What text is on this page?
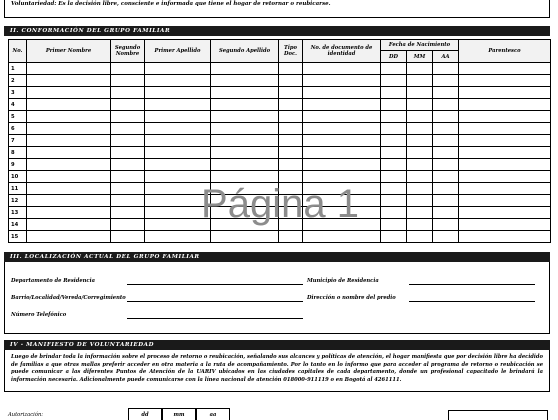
Voluntariedad: Es la decisión libre, consciente e informada que tiene el hogar de retornar o reubicarse.
II. CONFORMACIÓN DEL GRUPO FAMILIAR
No.	Primer Nombre	Segundo Nombre	Primer Apellido	Segundo Apellido	Tipo Doc.	No. de documento de identidad	Fecha de Nacimiento			Parentesco
							DD	MM	AA	
1										
2										
3										
4										
5										
6										
7										
8										
9										
10										
11										
12										
13										
14										
15										
Página 1
III. LOCALIZACIÓN ACTUAL DEL GRUPO FAMILIAR
Departamento de Residencia	Municipio de Residencia
Barrio/Localidad/Vereda/Corregimiento	Dirección o nombre del predio
Número Telefónico
IV - MANIFIESTO DE VOLUNTARIEDAD
Luego de brindar toda la información sobre el proceso de retorno o reubicación, señalando sus alcances y políticas de atención, el hogar manifiesta que por decisión libre ha decidido de familias a que otras mallas preferir acceder en otra materia a la ruta de acompañamiento. Por lo tanto en lo informo que para acceder al programa de retorno o reubicación se puede comunicar a las diferentes Puntos de Atención de la UARIV ubicados en las ciudades capitales de cada departamento, donde un profesional capacitado le brindará la información necesaria. Adicionalmente puede comunicarse con la línea nacional de atención 018000-911119 o en Bogotá al 4261111.
Autorización:	dd	mm	aa
